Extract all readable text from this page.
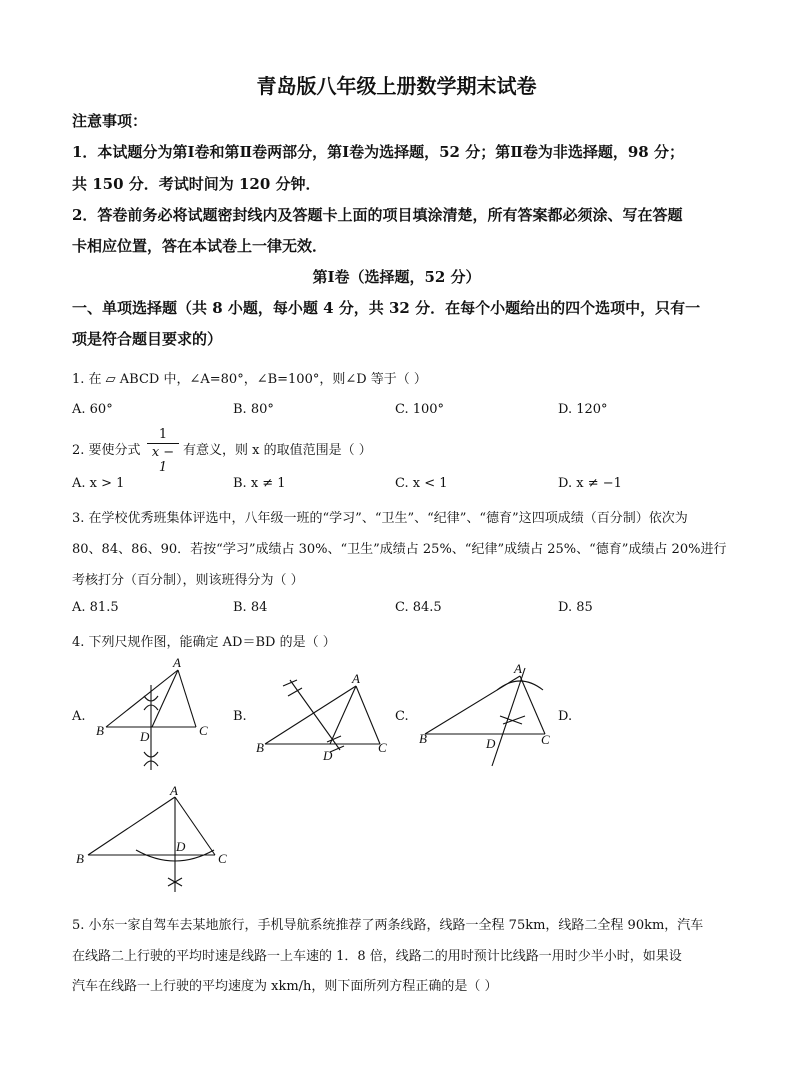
青岛版八年级上册数学期末试卷
注意事项：
1．本试题分为第Ⅰ卷和第Ⅱ卷两部分，第Ⅰ卷为选择题，52 分；第Ⅱ卷为非选择题，98 分；
共 150 分．考试时间为 120 分钟．
2．答卷前务必将试题密封线内及答题卡上面的项目填涂清楚，所有答案都必须涂、写在答题
卡相应位置，答在本试卷上一律无效．
第Ⅰ卷（选择题，52 分）
一、单项选择题（共 8 小题，每小题 4 分，共 32 分．在每个小题给出的四个选项中，只有一
项是符合题目要求的）
1. 在 ▱ ABCD 中，∠A=80°，∠B=100°，则∠D 等于（ ）
A. 60°	B. 80°	C. 100°	D. 120°
2. 要使分式
1
x − 1
有意义，则 x 的取值范围是（ ）
A. x > 1	B. x ≠ 1	C. x < 1	D. x ≠ −1
3. 在学校优秀班集体评选中，八年级一班的“学习”、“卫生”、“纪律”、“德育”这四项成绩（百分制）依次为
80、84、86、90．若按“学习”成绩占 30%、“卫生”成绩占 25%、“纪律”成绩占 25%、“德育”成绩占 20%进行
考核打分（百分制），则该班得分为（ ）
A. 81.5	B. 84	C. 84.5	D. 85
4. 下列尺规作图，能确定 AD＝BD 的是（ ）
A.	B.	C.	D.
A
B	C
D
A
B	C
D
A
B	C
D
A
B	C
D
5. 小东一家自驾车去某地旅行，手机导航系统推荐了两条线路，线路一全程 75km，线路二全程 90km，汽车
在线路二上行驶的平均时速是线路一上车速的 1．8 倍，线路二的用时预计比线路一用时少半小时，如果设
汽车在线路一上行驶的平均速度为 xkm/h，则下面所列方程正确的是（ ）
